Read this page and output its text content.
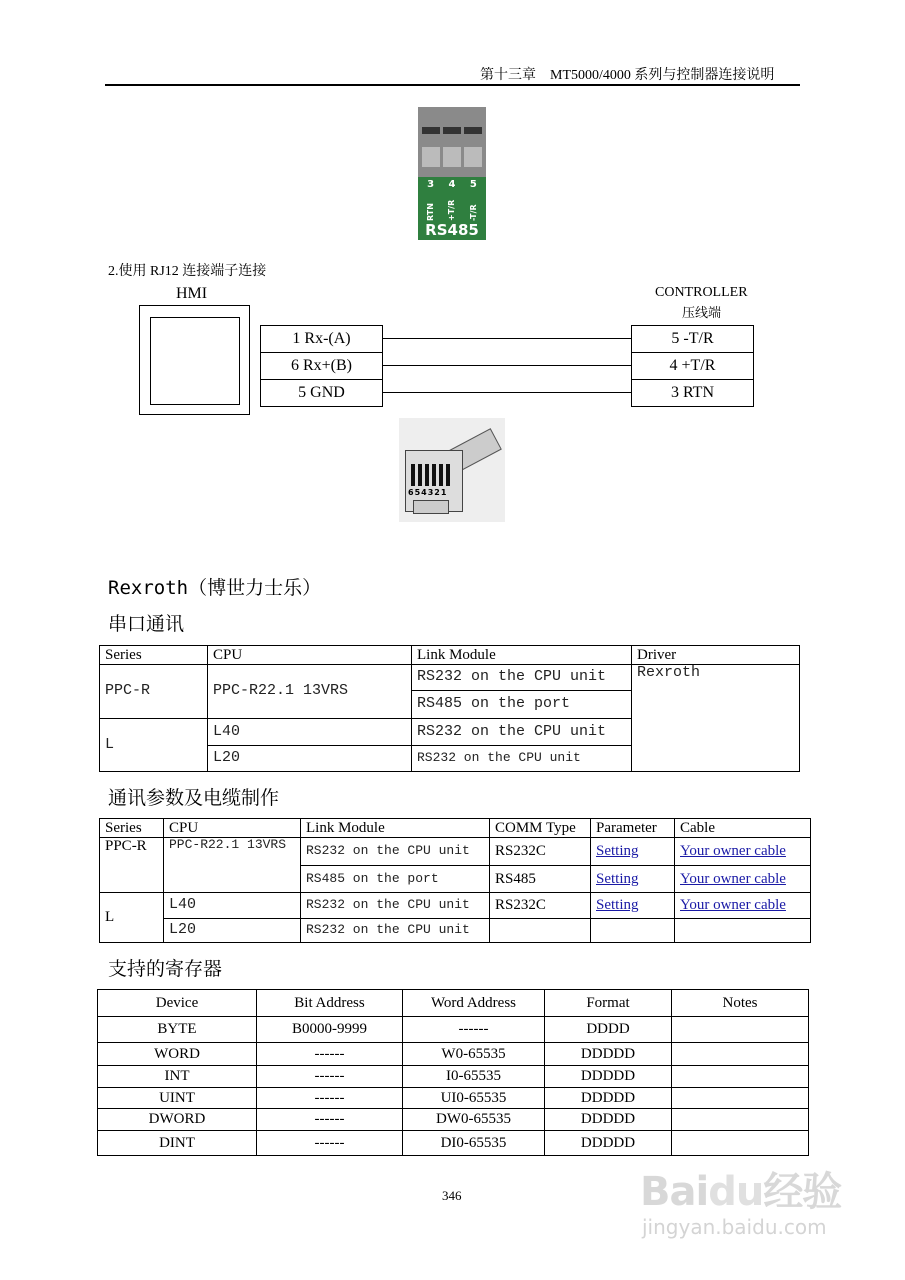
第十三章　MT5000/4000 系列与控制器连接说明
3 4 5
RTN +T/R -T/R
RS485
2.使用 RJ12 连接端子连接
HMI	CONTROLLER
压线端
1 Rx-(A)
6 Rx+(B)
5 GND
5 -T/R
4 +T/R
3 RTN
654321
Rexroth（博世力士乐）
串口通讯
Series	CPU	Link Module	Driver
PPC-R	PPC-R22.1 13VRS	RS232 on the CPU unit	Rexroth
		RS485 on the port	
L	L40	RS232 on the CPU unit	
	L20	RS232 on the CPU unit	
通讯参数及电缆制作
Series	CPU	Link Module	COMM Type	Parameter	Cable
PPC-R	PPC-R22.1 13VRS	RS232 on the CPU unit	RS232C	Setting	Your owner cable
		RS485 on the port	RS485	Setting	Your owner cable
L	L40	RS232 on the CPU unit	RS232C	Setting	Your owner cable
	L20	RS232 on the CPU unit			
支持的寄存器
Device	Bit Address	Word Address	Format	Notes
BYTE	B0000-9999	------	DDDD	
WORD	------	W0-65535	DDDDD	
INT	------	I0-65535	DDDDD	
UINT	------	UI0-65535	DDDDD	
DWORD	------	DW0-65535	DDDDD	
DINT	------	DI0-65535	DDDDD	
346	Baidu经验
jingyan.baidu.com
